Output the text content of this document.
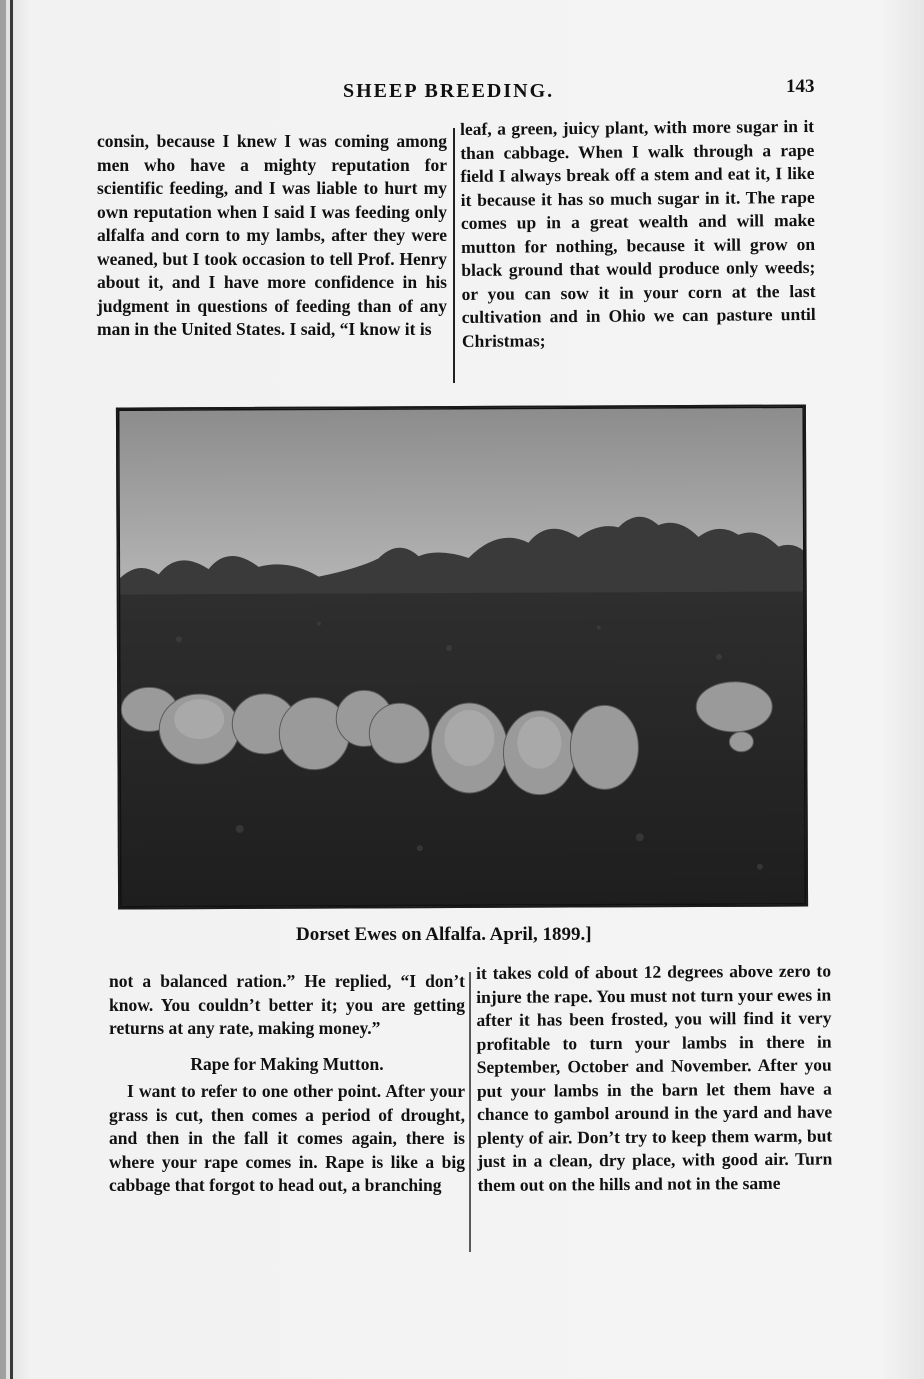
SHEEP BREEDING.	143

consin, because I knew I was coming among men who have a mighty reputation for scientific feeding, and I was liable to hurt my own reputation when I said I was feeding only alfalfa and corn to my lambs, after they were weaned, but I took occasion to tell Prof. Henry about it, and I have more confidence in his judgment in questions of feeding than of any man in the United States. I said, “I know it is

leaf, a green, juicy plant, with more sugar in it than cabbage. When I walk through a rape field I always break off a stem and eat it, I like it because it has so much sugar in it. The rape comes up in a great wealth and will make mutton for nothing, because it will grow on black ground that would produce only weeds; or you can sow it in your corn at the last cultivation and in Ohio we can pasture until Christmas;

Dorset Ewes on Alfalfa. April, 1899.]

not a balanced ration.” He replied, “I don’t know. You couldn’t better it; you are getting returns at any rate, making money.”

Rape for Making Mutton.

I want to refer to one other point. After your grass is cut, then comes a period of drought, and then in the fall it comes again, there is where your rape comes in. Rape is like a big cabbage that forgot to head out, a branching

it takes cold of about 12 degrees above zero to injure the rape. You must not turn your ewes in after it has been frosted, you will find it very profitable to turn your lambs in there in September, October and November. After you put your lambs in the barn let them have a chance to gambol around in the yard and have plenty of air. Don’t try to keep them warm, but just in a clean, dry place, with good air. Turn them out on the hills and not in the same
